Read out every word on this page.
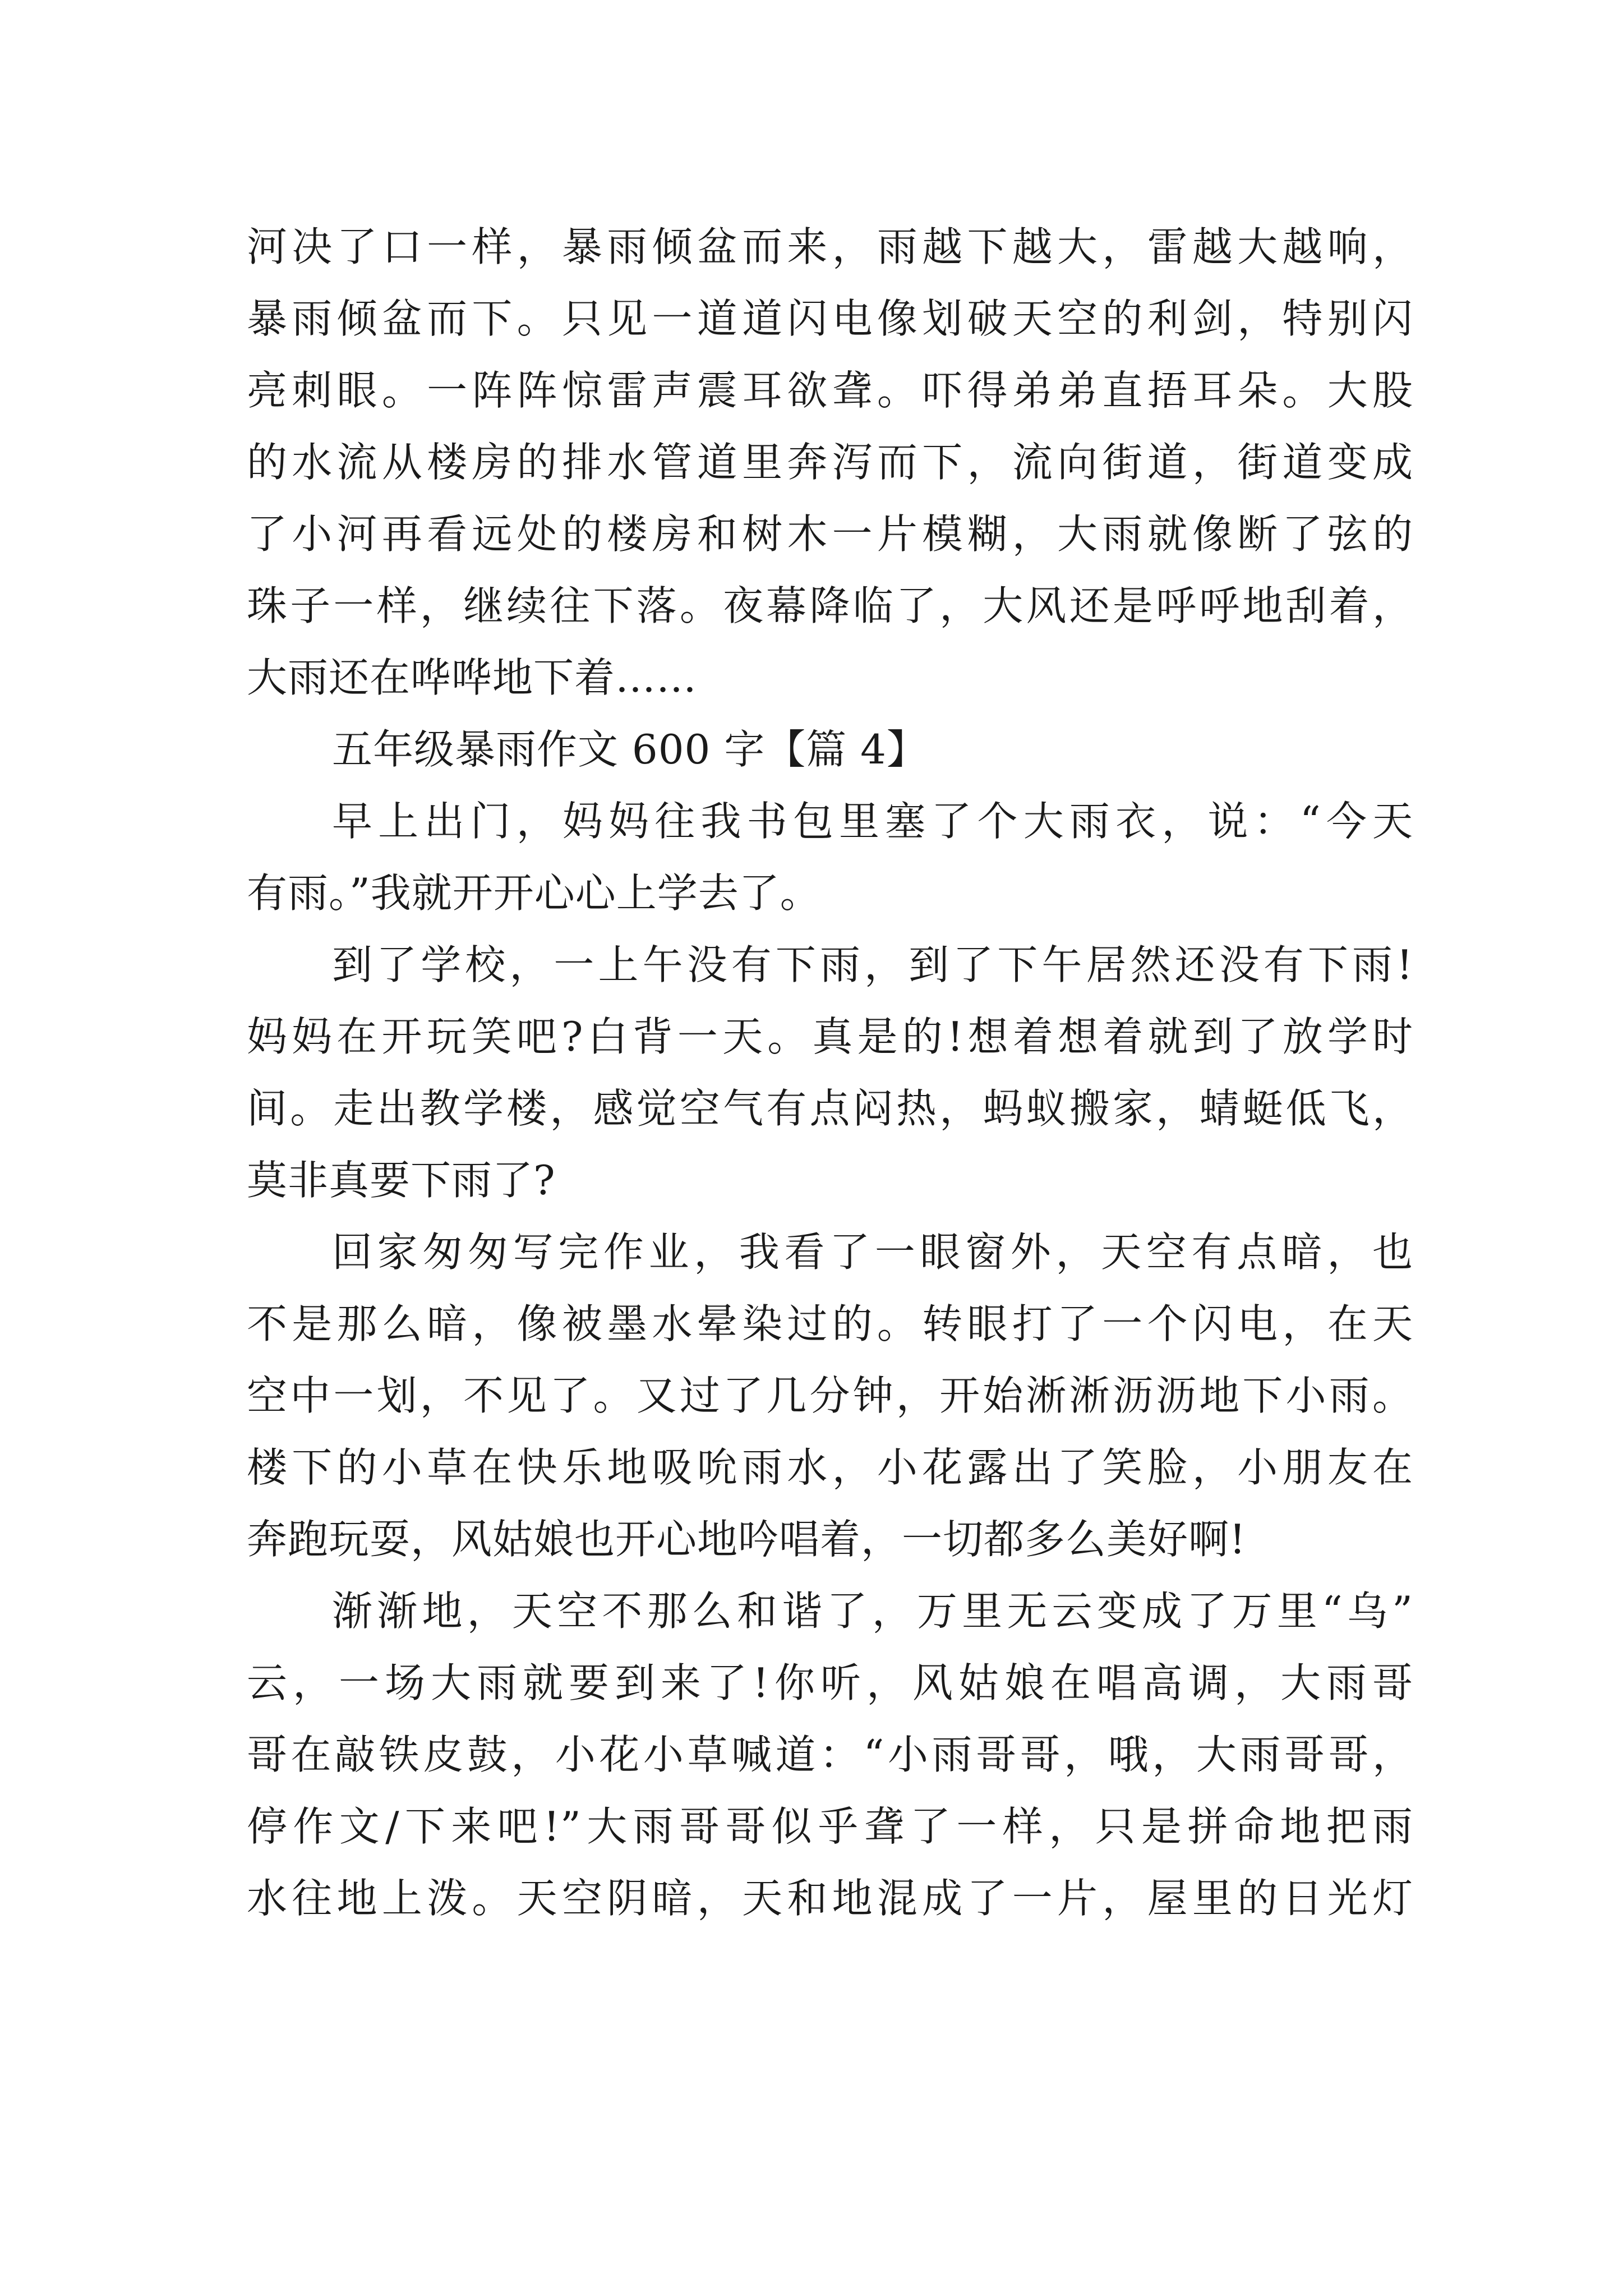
河决了口一样，暴雨倾盆而来，雨越下越大，雷越大越响，
暴雨倾盆而下。只见一道道闪电像划破天空的利剑，特别闪
亮刺眼。一阵阵惊雷声震耳欲聋。吓得弟弟直捂耳朵。大股
的水流从楼房的排水管道里奔泻而下，流向街道，街道变成
了小河再看远处的楼房和树木一片模糊，大雨就像断了弦的
珠子一样，继续往下落。夜幕降临了，大风还是呼呼地刮着，
大雨还在哗哗地下着……
五年级暴雨作文 600 字【篇 4】
早上出门，妈妈往我书包里塞了个大雨衣，说：“今天
有雨。”我就开开心心上学去了。
到了学校，一上午没有下雨，到了下午居然还没有下雨!
妈妈在开玩笑吧?白背一天。真是的!想着想着就到了放学时
间。走出教学楼，感觉空气有点闷热，蚂蚁搬家，蜻蜓低飞，
莫非真要下雨了?
回家匆匆写完作业，我看了一眼窗外，天空有点暗，也
不是那么暗，像被墨水晕染过的。转眼打了一个闪电，在天
空中一划，不见了。又过了几分钟，开始淅淅沥沥地下小雨。
楼下的小草在快乐地吸吮雨水，小花露出了笑脸，小朋友在
奔跑玩耍，风姑娘也开心地吟唱着，一切都多么美好啊!
渐渐地，天空不那么和谐了，万里无云变成了万里“乌”
云，一场大雨就要到来了!你听，风姑娘在唱高调，大雨哥
哥在敲铁皮鼓，小花小草喊道：“小雨哥哥，哦，大雨哥哥，
停作文/下来吧!”大雨哥哥似乎聋了一样，只是拼命地把雨
水往地上泼。天空阴暗，天和地混成了一片，屋里的日光灯
